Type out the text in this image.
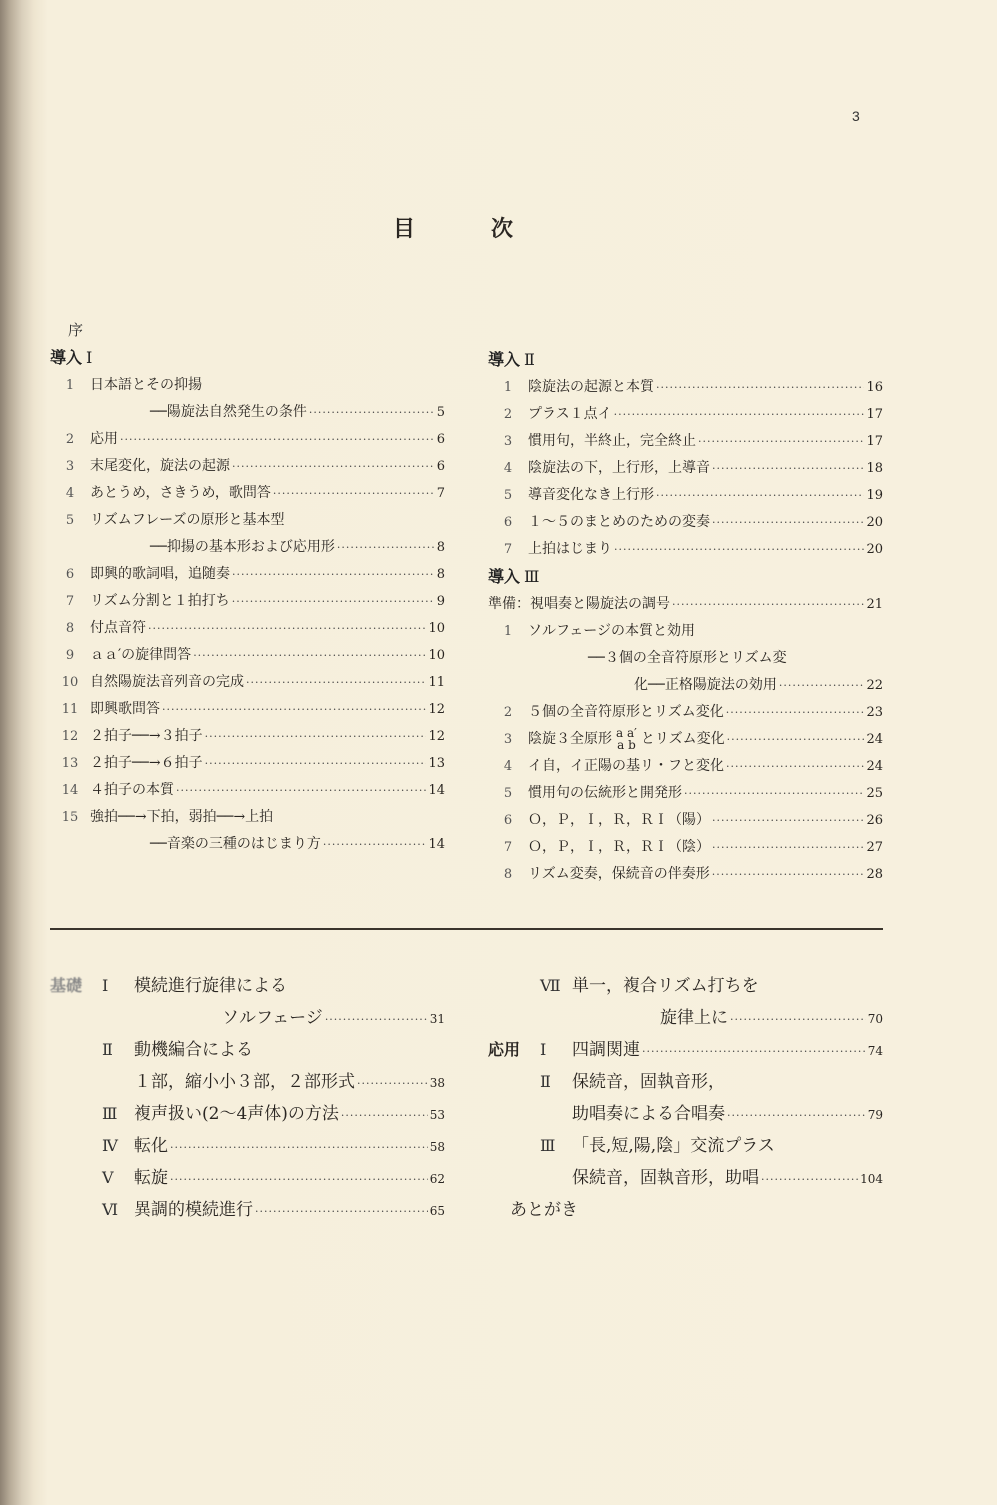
3
目	次
序
導入 Ⅰ
1	日本語とその抑揚
──陽旋法自然発生の条件 ·····	5
2	応用 ·····	6
3	末尾変化，旋法の起源 ·····	6
4	あとうめ，さきうめ，歌問答 ·····	7
5	リズムフレーズの原形と基本型
──抑揚の基本形および応用形 ·····	8
6	即興的歌詞唱，追随奏 ·····	8
7	リズム分割と１拍打ち ·····	9
8	付点音符 ·····	10
9	ａａ′の旋律問答 ·····	10
10 自然陽旋法音列音の完成 ·····	11
11 即興歌問答 ·····	12
12 ２拍子──→３拍子 ·····	12
13 ２拍子──→６拍子 ·····	13
14 ４拍子の本質 ·····	14
15 強拍──→下拍，弱拍──→上拍
──音楽の三種のはじまり方 ·····	14
導入 Ⅱ
1	陰旋法の起源と本質 ·····	16
2	プラス１点イ ·····	17
3	慣用句，半終止，完全終止 ·····	17
4	陰旋法の下，上行形，上導音 ·····	18
5	導音変化なき上行形 ·····	19
6	１～５のまとめのための変奏 ·····	20
7	上拍はじまり ·····	20
導入 Ⅲ
準備：視唱奏と陽旋法の調号 ·····	21
1	ソルフェージの本質と効用
──３個の全音符原形とリズム変
化──正格陽旋法の効用 ·····	22
2	５個の全音符原形とリズム変化 ·····	23
3	陰旋３全原形 a a′
a b とリズム変化 ·····	24
4	イ自，イ正陽の基リ・フと変化 ·····	24
5	慣用句の伝統形と開発形 ·····	25
6	Ｏ，Ｐ，Ｉ，Ｒ，ＲＩ（陽） ·····	26
7	Ｏ，Ｐ，Ｉ，Ｒ，ＲＩ（陰） ·····	27
8	リズム変奏，保続音の伴奏形 ·····	28
基礎	Ⅰ	模続進行旋律による
ソルフェージ ·····	31
Ⅱ	動機編合による
１部，縮小小３部，２部形式 ·····	38
Ⅲ 複声扱い(2～4声体)の方法 ·····	53
Ⅳ 転化 ·····	58
Ⅴ	転旋 ·····	62
Ⅵ 異調的模続進行 ·····	65
Ⅶ 単一，複合リズム打ちを
旋律上に ·····	70
応用	Ⅰ	四調関連 ·····	74
Ⅱ	保続音，固執音形，
助唱奏による合唱奏 ·····	79
Ⅲ 「長,短,陽,陰」交流プラス
保続音，固執音形，助唱 ·····	104
あとがき
